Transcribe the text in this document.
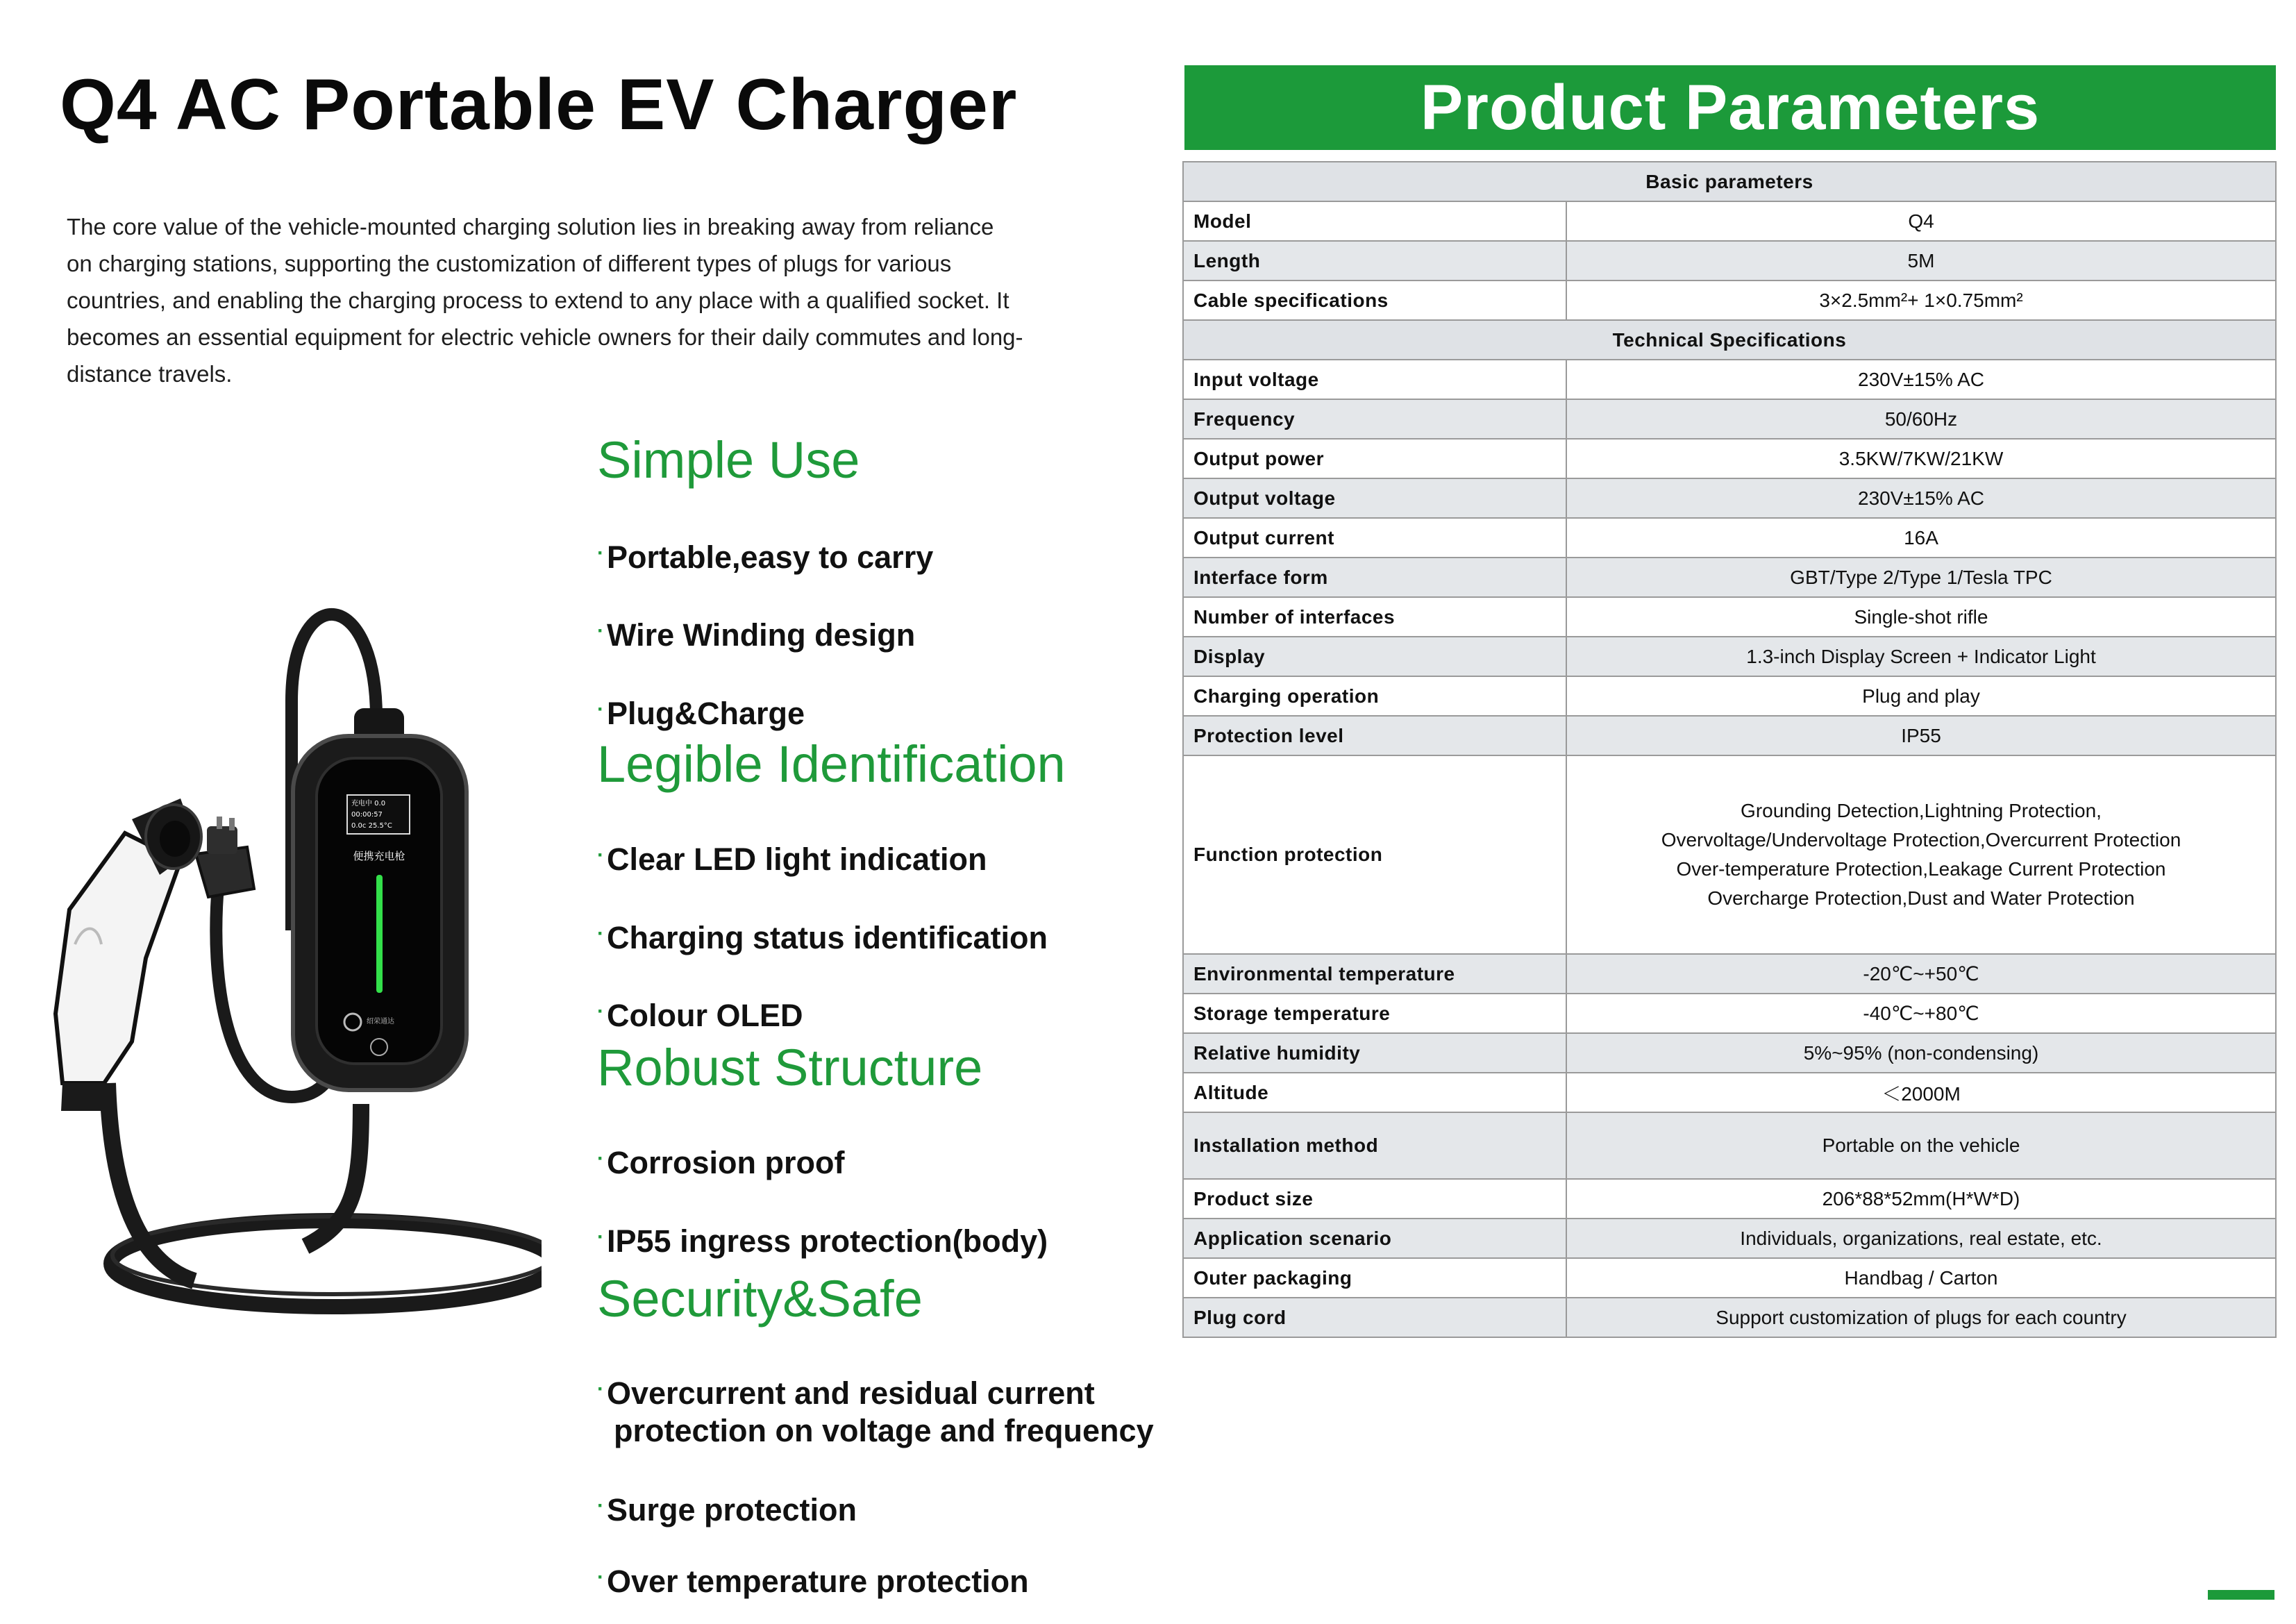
Q4 AC Portable EV Charger

The core value of the vehicle-mounted charging solution lies in breaking away from reliance on charging stations, supporting the customization of different types of plugs for various countries, and enabling the charging process to extend to any place with a qualified socket. It becomes an essential equipment for electric vehicle owners for their daily commutes and long-distance travels.

充电中 0.0
00:00:57
0.0c 25.5°C
便携充电枪
绍荣通达
Simple Use
·Portable,easy to carry
·Wire Winding design
·Plug&Charge
Legible Identification
·Clear LED light indication
·Charging status identification
·Colour OLED
Robust Structure
·Corrosion proof
·IP55 ingress protection(body)
Security&Safe
·Overcurrent and residual current
protection on voltage and frequency
·Surge protection
·Over temperature protection
Product Parameters
Basic parameters	
Model	Q4
Length	5M
Cable specifications	3×2.5mm²+ 1×0.75mm²
Technical Specifications	
Input voltage	230V±15% AC
Frequency	50/60Hz
Output power	3.5KW/7KW/21KW
Output voltage	230V±15% AC
Output current	16A
Interface form	GBT/Type 2/Type 1/Tesla TPC
Number of interfaces	Single-shot rifle
Display	1.3-inch Display Screen + Indicator Light
Charging operation	Plug and play
Protection level	IP55
Function protection	Grounding Detection,Lightning Protection,
Overvoltage/Undervoltage Protection,Overcurrent Protection
Over-temperature Protection,Leakage Current Protection
Overcharge Protection,Dust and Water Protection

Environmental temperature	-20℃~+50℃
Storage temperature	-40℃~+80℃
Relative humidity	5%~95% (non-condensing)
Altitude	＜2000M
Installation method	Portable on the vehicle
Product size	206*88*52mm(H*W*D)
Application scenario	Individuals, organizations, real estate, etc.
Outer packaging	Handbag / Carton
Plug cord	Support customization of plugs for each country
